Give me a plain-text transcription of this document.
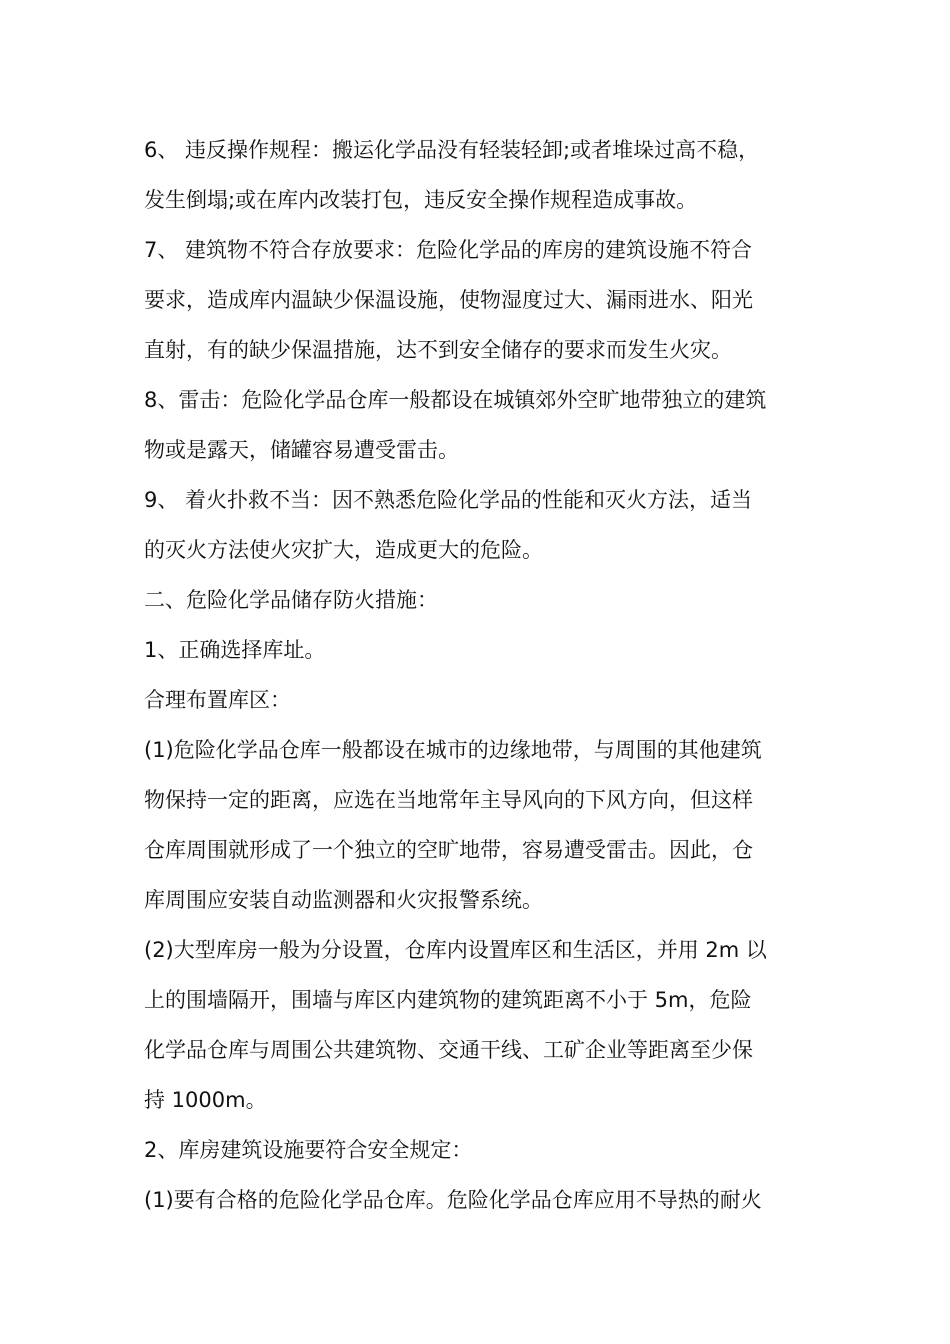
6、 违反操作规程：搬运化学品没有轻装轻卸;或者堆垛过高不稳，

发生倒塌;或在库内改装打包，违反安全操作规程造成事故。

7、 建筑物不符合存放要求：危险化学品的库房的建筑设施不符合

要求，造成库内温缺少保温设施，使物湿度过大、漏雨进水、阳光

直射，有的缺少保温措施，达不到安全储存的要求而发生火灾。

8、雷击：危险化学品仓库一般都设在城镇郊外空旷地带独立的建筑

物或是露天，储罐容易遭受雷击。

9、 着火扑救不当：因不熟悉危险化学品的性能和灭火方法，适当

的灭火方法使火灾扩大，造成更大的危险。

二、危险化学品储存防火措施：

1、正确选择库址。

合理布置库区：

(1)危险化学品仓库一般都设在城市的边缘地带，与周围的其他建筑

物保持一定的距离，应选在当地常年主导风向的下风方向，但这样

仓库周围就形成了一个独立的空旷地带，容易遭受雷击。因此，仓

库周围应安装自动监测器和火灾报警系统。

(2)大型库房一般为分设置，仓库内设置库区和生活区，并用 2m 以

上的围墙隔开，围墙与库区内建筑物的建筑距离不小于 5m，危险

化学品仓库与周围公共建筑物、交通干线、工矿企业等距离至少保

持 1000m。

2、库房建筑设施要符合安全规定：

(1)要有合格的危险化学品仓库。危险化学品仓库应用不导热的耐火
